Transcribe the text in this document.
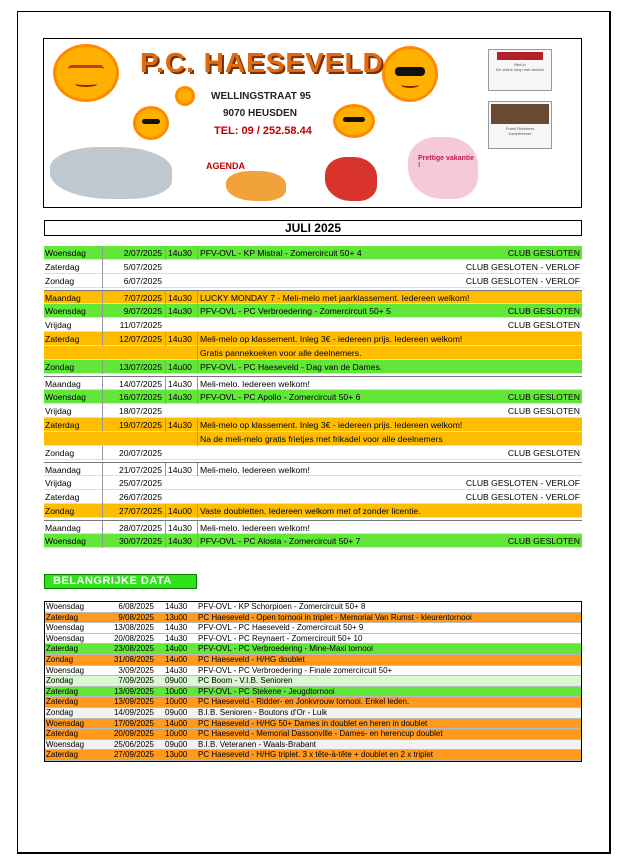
P.C. HAESEVELD
WELLINGSTRAAT 95
9070 HEUSDEN
TEL: 09 / 252.58.44
AGENDA
Prettige vakantie !
Bed-in
De online shop met service
Frank Rolsteers
Kaderfreezer
JULI 2025
Woensdag	2/07/2025 14u30 PFV-OVL - KP Mistral - Zomercircuit 50+ 4	CLUB GESLOTEN
Zaterdag	5/07/2025	CLUB GESLOTEN - VERLOF
Zondag	6/07/2025	CLUB GESLOTEN - VERLOF
Maandag	7/07/2025 14u30 LUCKY MONDAY 7 - Meli-melo met jaarklassement. Iedereen welkom!
Woensdag	9/07/2025 14u30 PFV-OVL - PC Verbroedering - Zomercircuit 50+ 5	CLUB GESLOTEN
Vrijdag	11/07/2025	CLUB GESLOTEN
Zaterdag	12/07/2025 14u30 Meli-melo op klassement. Inleg 3€ - iedereen prijs. Iedereen welkom!
Gratis pannekoeken voor alle deelnemers.
Zondag	13/07/2025 14u00 PFV-OVL - PC Haeseveld - Dag van de Dames.
Maandag	14/07/2025 14u30 Meli-melo. Iedereen welkom!
Woensdag	16/07/2025 14u30 PFV-OVL - PC Apollo - Zomercircuit 50+ 6	CLUB GESLOTEN
Vrijdag	18/07/2025	CLUB GESLOTEN
Zaterdag	19/07/2025 14u30 Meli-melo op klassement. Inleg 3€ - iedereen prijs. Iedereen welkom!
Na de meli-melo gratis frietjes met frikadel voor alle deelnemers
Zondag	20/07/2025	CLUB GESLOTEN
Maandag	21/07/2025 14u30 Meli-melo. Iedereen welkom!
Vrijdag	25/07/2025	CLUB GESLOTEN - VERLOF
Zaterdag	26/07/2025	CLUB GESLOTEN - VERLOF
Zondag	27/07/2025 14u00 Vaste doubletten. Iedereen welkom met of zonder licentie.
Maandag	28/07/2025 14u30 Meli-melo. Iedereen welkom!
Woensdag	30/07/2025 14u30 PFV-OVL - PC Alosta - Zomercircuit 50+ 7	CLUB GESLOTEN
BELANGRIJKE DATA
Woensdag	6/08/2025 14u30	PFV-OVL - KP Schorpioen - Zomercircuit 50+ 8
Zaterdag	9/08/2025 13u00	PC Haeseveld - Open tornooi in triplet - Memorial Van Rumst - kleurentornooi
Woensdag	13/08/2025 14u30	PFV-OVL - PC Haeseveld - Zomercircuit 50+ 9
Woensdag	20/08/2025 14u30	PFV-OVL - PC Reynaert - Zomercircuit 50+ 10
Zaterdag	23/08/2025 14u00	PFV-OVL - PC Verbroedering - Mine-Maxi tornooi
Zondag	31/08/2025 14u00	PC Haeseveld - H/HG doublet
Woensdag	3/09/2025 14u30	PFV-OVL - PC Verbroedering - Finale zomercircuit 50+
Zondag	7/09/2025 09u00	PC Boom - V.I.B. Senioren
Zaterdag	13/09/2025 10u00	PFV-OVL - PC Stekene - Jeugdtornooi
Zaterdag	13/09/2025 10u00	PC Haeseveld - Ridder- en Jonkvrouw tornooi. Enkel leden.
Zondag	14/09/2025 09u00	B.I.B. Senioren - Boutons d'Or - Luik
Woensdag	17/09/2025 14u00	PC Haeseveld - H/HG 50+ Dames in doublet en heren in doublet
Zaterdag	20/09/2025 10u00	PC Haeseveld - Memorial Dassonville - Dames- en herencup doublet
Woensdag	25/06/2025 09u00	B.I.B. Veteranen - Waals-Brabant
Zaterdag	27/09/2025 13u00	PC Haeseveld - H/HG triplet. 3 x tête-à-tête + doublet en 2 x triplet
